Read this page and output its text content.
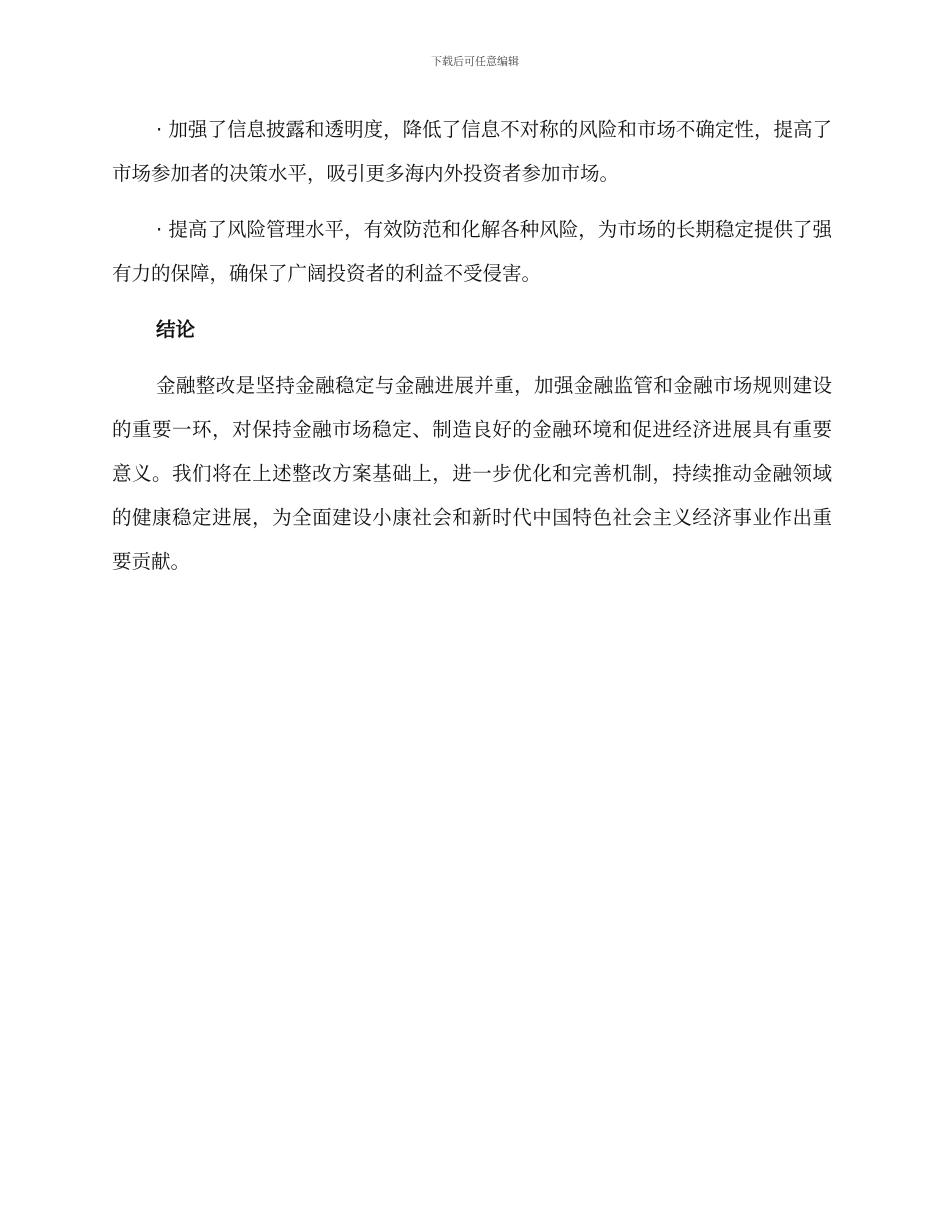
下载后可任意编辑

· 加强了信息披露和透明度，降低了信息不对称的风险和市场不确定性，提高了市场参加者的决策水平，吸引更多海内外投资者参加市场。

· 提高了风险管理水平，有效防范和化解各种风险，为市场的长期稳定提供了强有力的保障，确保了广阔投资者的利益不受侵害。

结论

金融整改是坚持金融稳定与金融进展并重，加强金融监管和金融市场规则建设的重要一环，对保持金融市场稳定、制造良好的金融环境和促进经济进展具有重要意义。我们将在上述整改方案基础上，进一步优化和完善机制，持续推动金融领域的健康稳定进展，为全面建设小康社会和新时代中国特色社会主义经济事业作出重要贡献。
